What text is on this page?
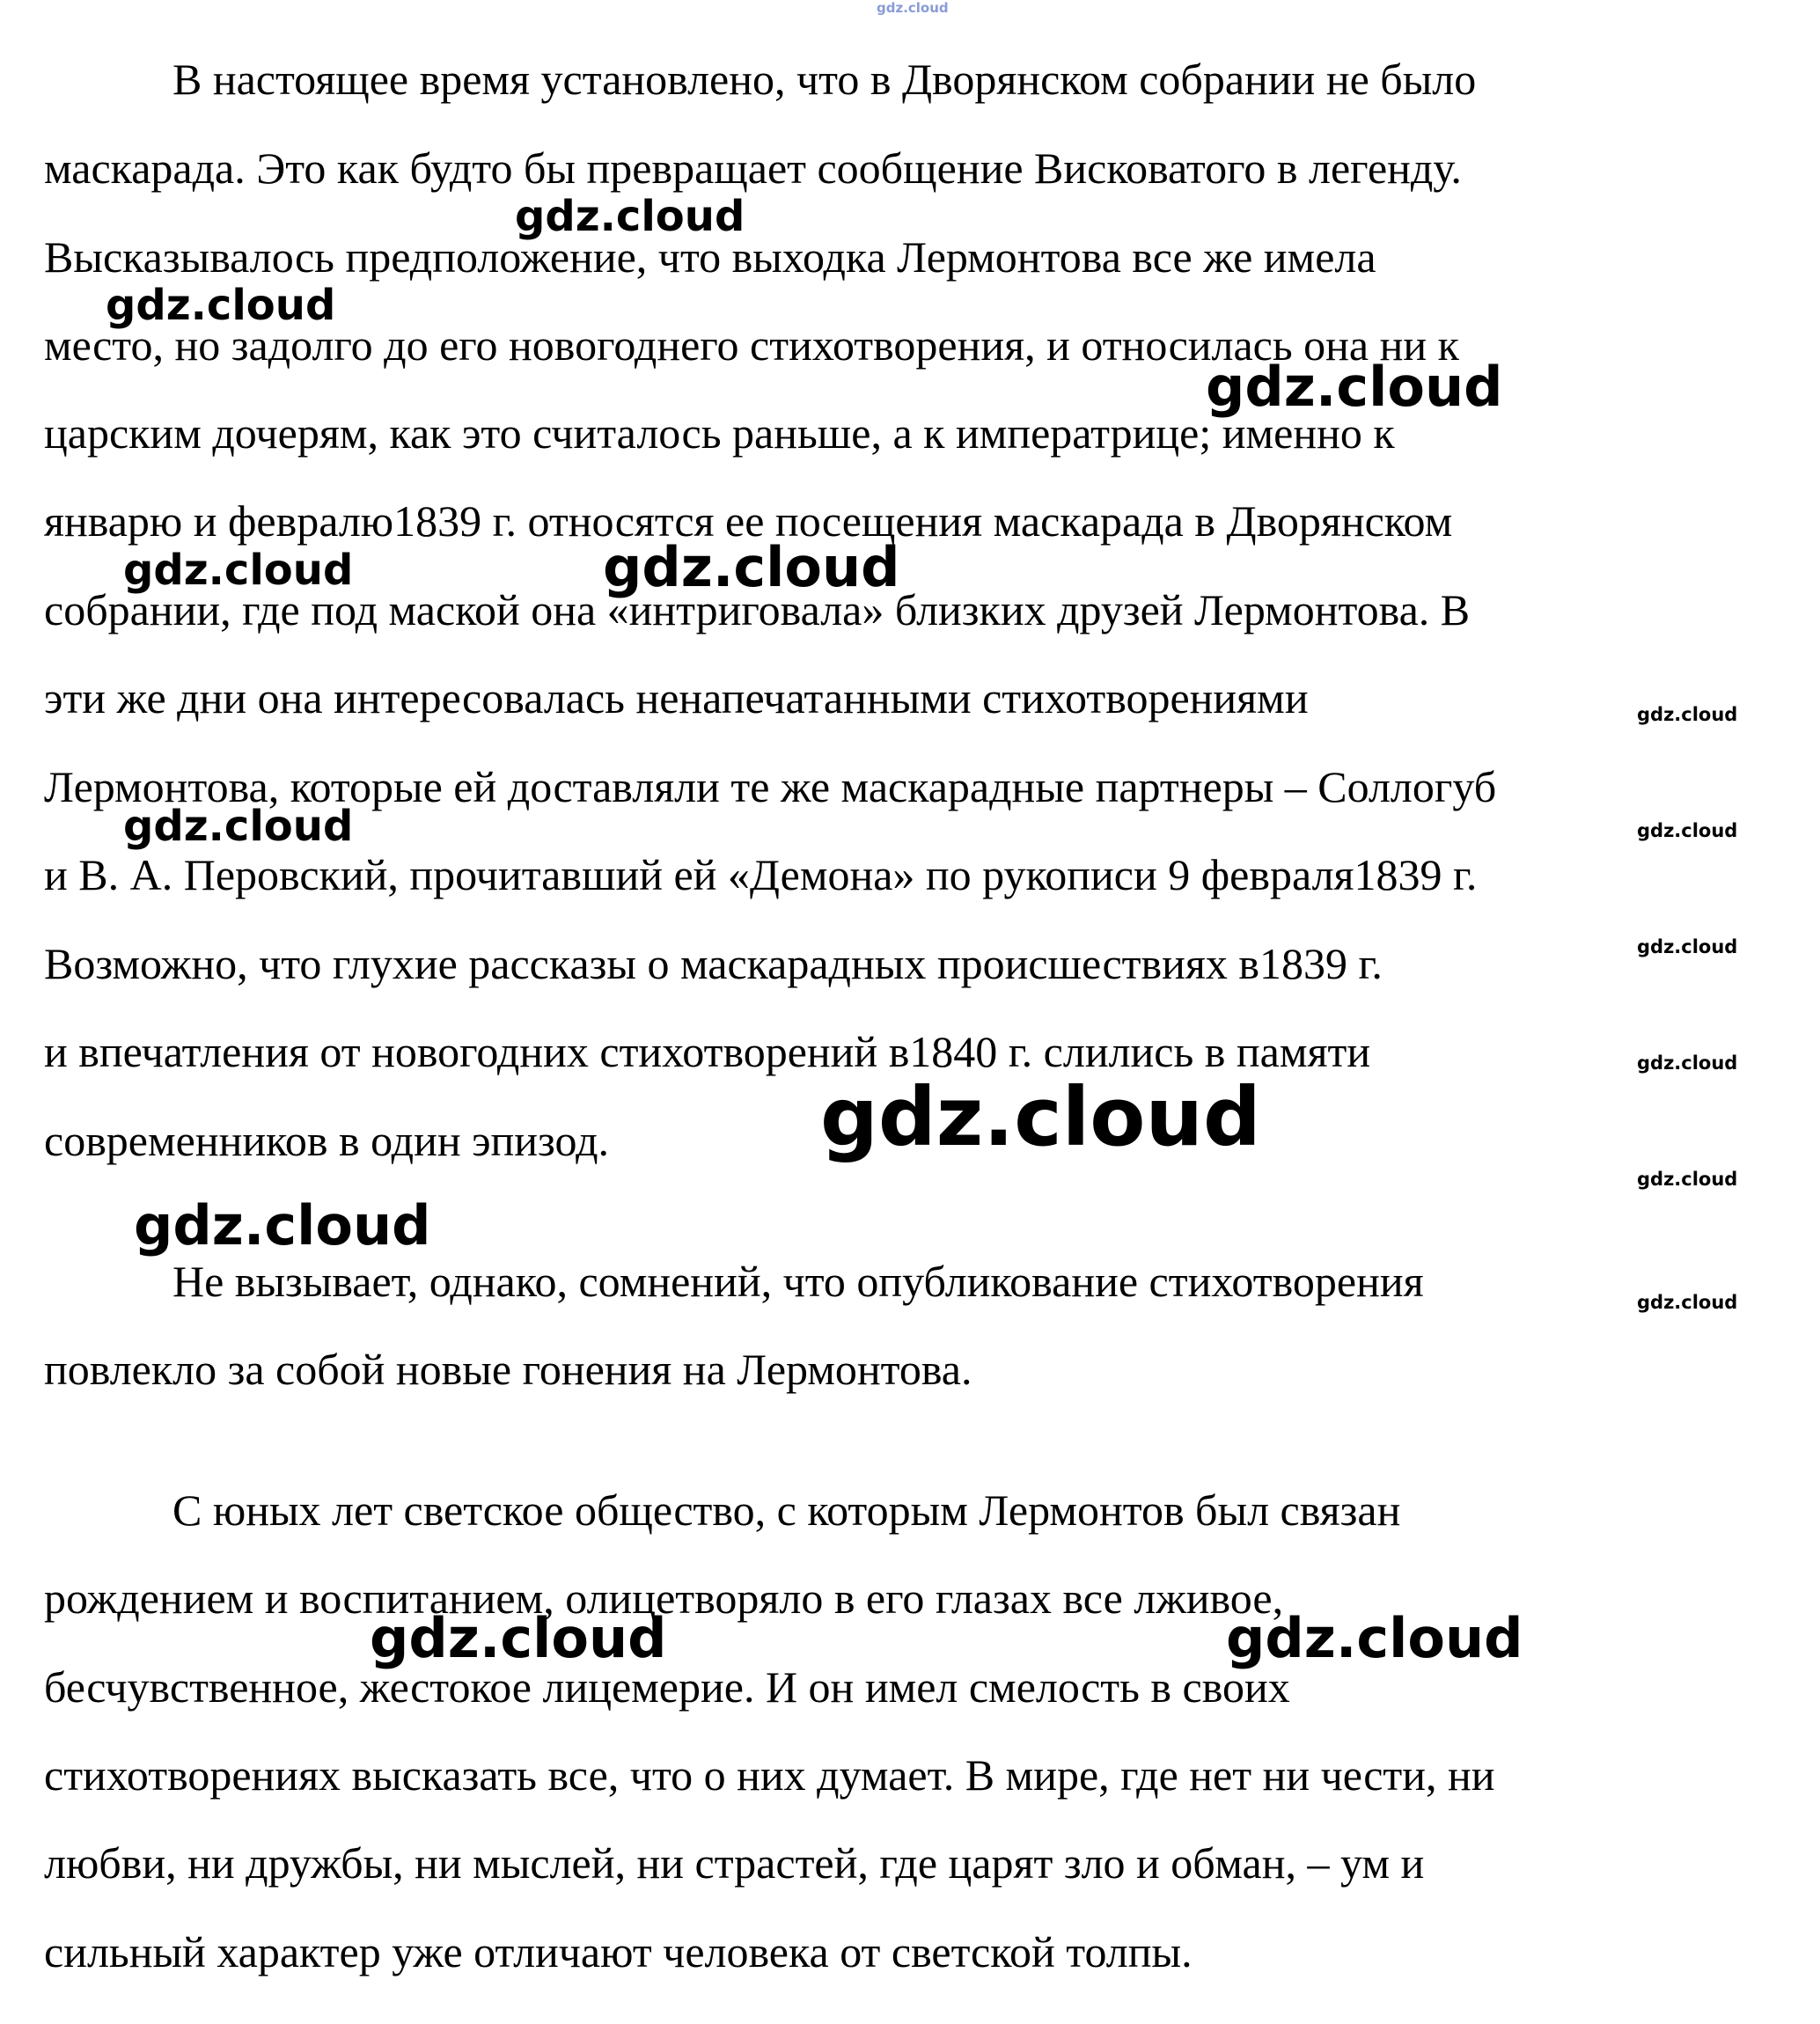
В настоящее время установлено, что в Дворянском собрании не было
маскарада. Это как будто бы превращает сообщение Висковатого в легенду.
Высказывалось предположение, что выходка Лермонтова все же имела
место, но задолго до его новогоднего стихотворения, и относилась она ни к
царским дочерям, как это считалось раньше, а к императрице; именно к
январю и февралю1839 г. относятся ее посещения маскарада в Дворянском
собрании, где под маской она «интриговала» близких друзей Лермонтова. В
эти же дни она интересовалась ненапечатанными стихотворениями
Лермонтова, которые ей доставляли те же маскарадные партнеры – Соллогуб
и В. А. Перовский, прочитавший ей «Демона» по рукописи 9 февраля1839 г.
Возможно, что глухие рассказы о маскарадных происшествиях в1839 г.
и впечатления от новогодних стихотворений в1840 г. слились в памяти
современников в один эпизод.
Не вызывает, однако, сомнений, что опубликование стихотворения
повлекло за собой новые гонения на Лермонтова.
С юных лет светское общество, с которым Лермонтов был связан
рождением и воспитанием, олицетворяло в его глазах все лживое,
бесчувственное, жестокое лицемерие. И он имел смелость в своих
стихотворениях высказать все, что о них думает. В мире, где нет ни чести, ни
любви, ни дружбы, ни мыслей, ни страстей, где царят зло и обман, – ум и
сильный характер уже отличают человека от светской толпы.
gdz.cloud
gdz.cloud
gdz.cloud
gdz.cloud
gdz.cloud	gdz.cloud
gdz.cloud
gdz.cloud	gdz.cloud
gdz.cloud
gdz.cloud
gdz.cloud
gdz.cloud
gdz.cloud
gdz.cloud
gdz.cloud	gdz.cloud
